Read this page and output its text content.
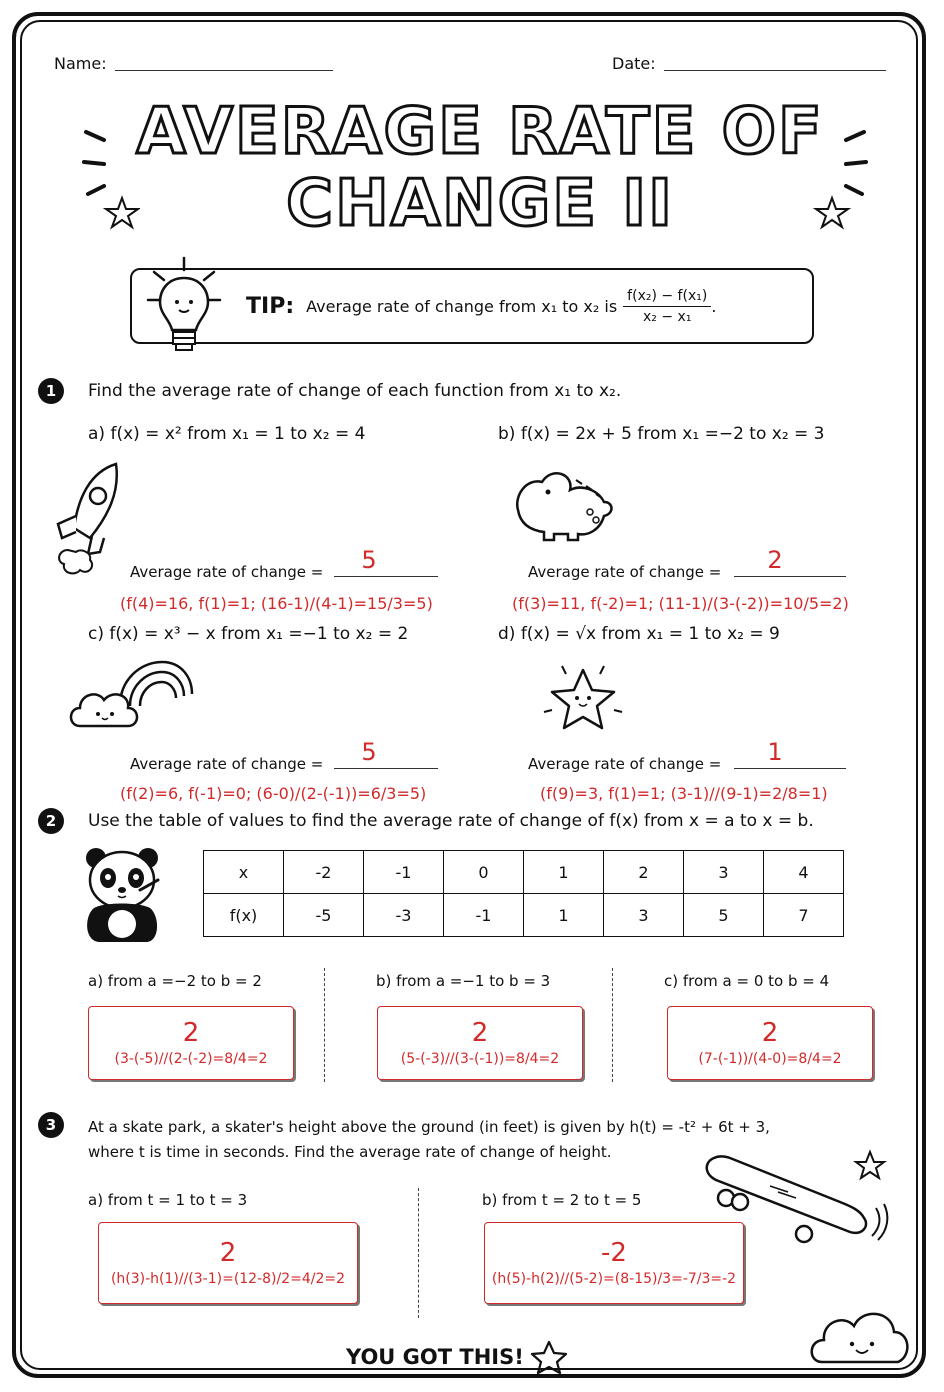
Name:	Date:
AVERAGE RATE OF
CHANGE II
TIP: Average rate of change from x₁ to x₂ is $\frac{\text{f(x₂) − f(x₁)}}{\text{x₂ − x₁}}$ .
1	Find the average rate of change of each function from x₁ to x₂.
a) f(x) = x² from x₁ = 1 to x₂ = 4	b) f(x) = 2x + 5 from x₁ =−2 to x₂ = 3
Average rate of change =	5
(f(4)=16, f(1)=1; (16-1)/(4-1)=15/3=5)
Average rate of change =	2
(f(3)=11, f(-2)=1; (11-1)/(3-(-2))=10/5=2)
c) f(x) = x³ − x from x₁ =−1 to x₂ = 2	d) f(x) = √x from x₁ = 1 to x₂ = 9
Average rate of change =	5
(f(2)=6, f(-1)=0; (6-0)/(2-(-1))=6/3=5)
Average rate of change =	1
(f(9)=3, f(1)=1; (3-1)//(9-1)=2/8=1)
2	Use the table of values to find the average rate of change of f(x) from x = a to x = b.
x	-2	-1	0	1	2	3	4
f(x)	-5	-3	-1	1	3	5	7
a) from a =−2 to b = 2	b) from a =−1 to b = 3	c) from a = 0 to b = 4
2
(3-(-5)//(2-(-2)=8/4=2
2
(5-(-3)//(3-(-1))=8/4=2
2
(7-(-1))/(4-0)=8/4=2
3	At a skate park, a skater's height above the ground (in feet) is given by h(t) = -t² + 6t + 3,
where t is time in seconds. Find the average rate of change of height.
a) from t = 1 to t = 3	b) from t = 2 to t = 5
2
(h(3)-h(1)//(3-1)=(12-8)/2=4/2=2
-2
(h(5)-h(2)//(5-2)=(8-15)/3=-7/3=-2
YOU GOT THIS!
